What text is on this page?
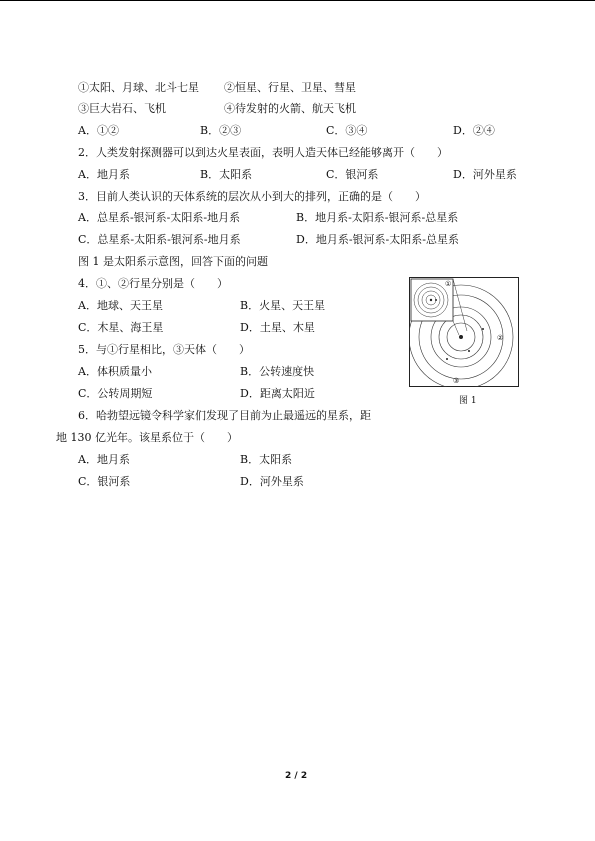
①太阳、月球、北斗七星 ②恒星、行星、卫星、彗星
③巨大岩石、飞机	④待发射的火箭、航天飞机
A．①②	B．②③	C．③④	D．②④
2．人类发射探测器可以到达火星表面，表明人造天体已经能够离开（　　）
A．地月系	B．太阳系	C．银河系	D．河外星系
3．目前人类认识的天体系统的层次从小到大的排列，正确的是（　　）
A．总星系-银河系-太阳系-地月系	B．地月系-太阳系-银河系-总星系
C．总星系-太阳系-银河系-地月系	D．地月系-银河系-太阳系-总星系
图 1 是太阳系示意图，回答下面的问题
4．①、②行星分别是（　　）
A．地球、天王星	B．火星、天王星
C．木星、海王星	D．土星、木星
5．与①行星相比，③天体（　　）
A．体积质量小	B．公转速度快
C．公转周期短	D．距离太阳近
6．哈勃望远镜令科学家们发现了目前为止最遥远的星系，距
地 130 亿光年。该星系位于（　　）
A．地月系	B．太阳系
C．银河系	D．河外星系
①
②
③
图 1
2 / 2
